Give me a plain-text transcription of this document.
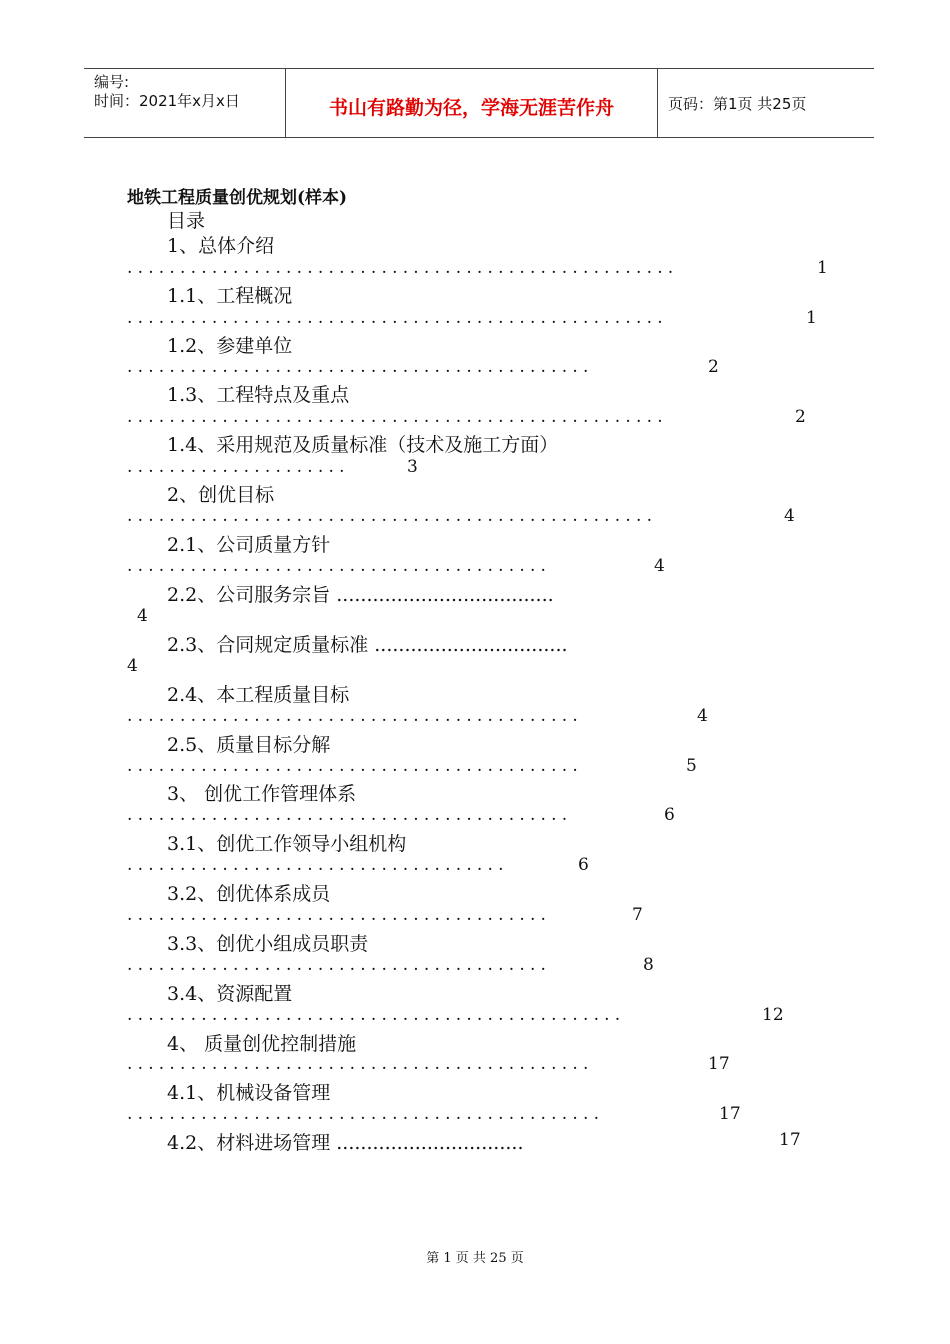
编号:
时间：2021年x月x日	书山有路勤为径，学海无涯苦作舟	页码：第1页 共25页
地铁工程质量创优规划(样本)
目录
1、总体介绍
....................................................	1
1.1、工程概况
...................................................	1
1.2、参建单位
............................................	2
1.3、工程特点及重点
...................................................	2
1.4、采用规范及质量标准（技术及施工方面）
.....................	3
2、创优目标
..................................................	4
2.1、公司质量方针
........................................	4
2.2、公司服务宗旨 ....................................
4
2.3、合同规定质量标准 ................................
4
2.4、本工程质量目标
...........................................	4
2.5、质量目标分解
...........................................	5
3、 创优工作管理体系
..........................................	6
3.1、创优工作领导小组机构
....................................	6
3.2、创优体系成员
........................................	7
3.3、创优小组成员职责
........................................	8
3.4、资源配置
...............................................	12
4、 质量创优控制措施
............................................	17
4.1、机械设备管理
.............................................	17
4.2、材料进场管理 ...............................	17
第 1 页 共 25 页
